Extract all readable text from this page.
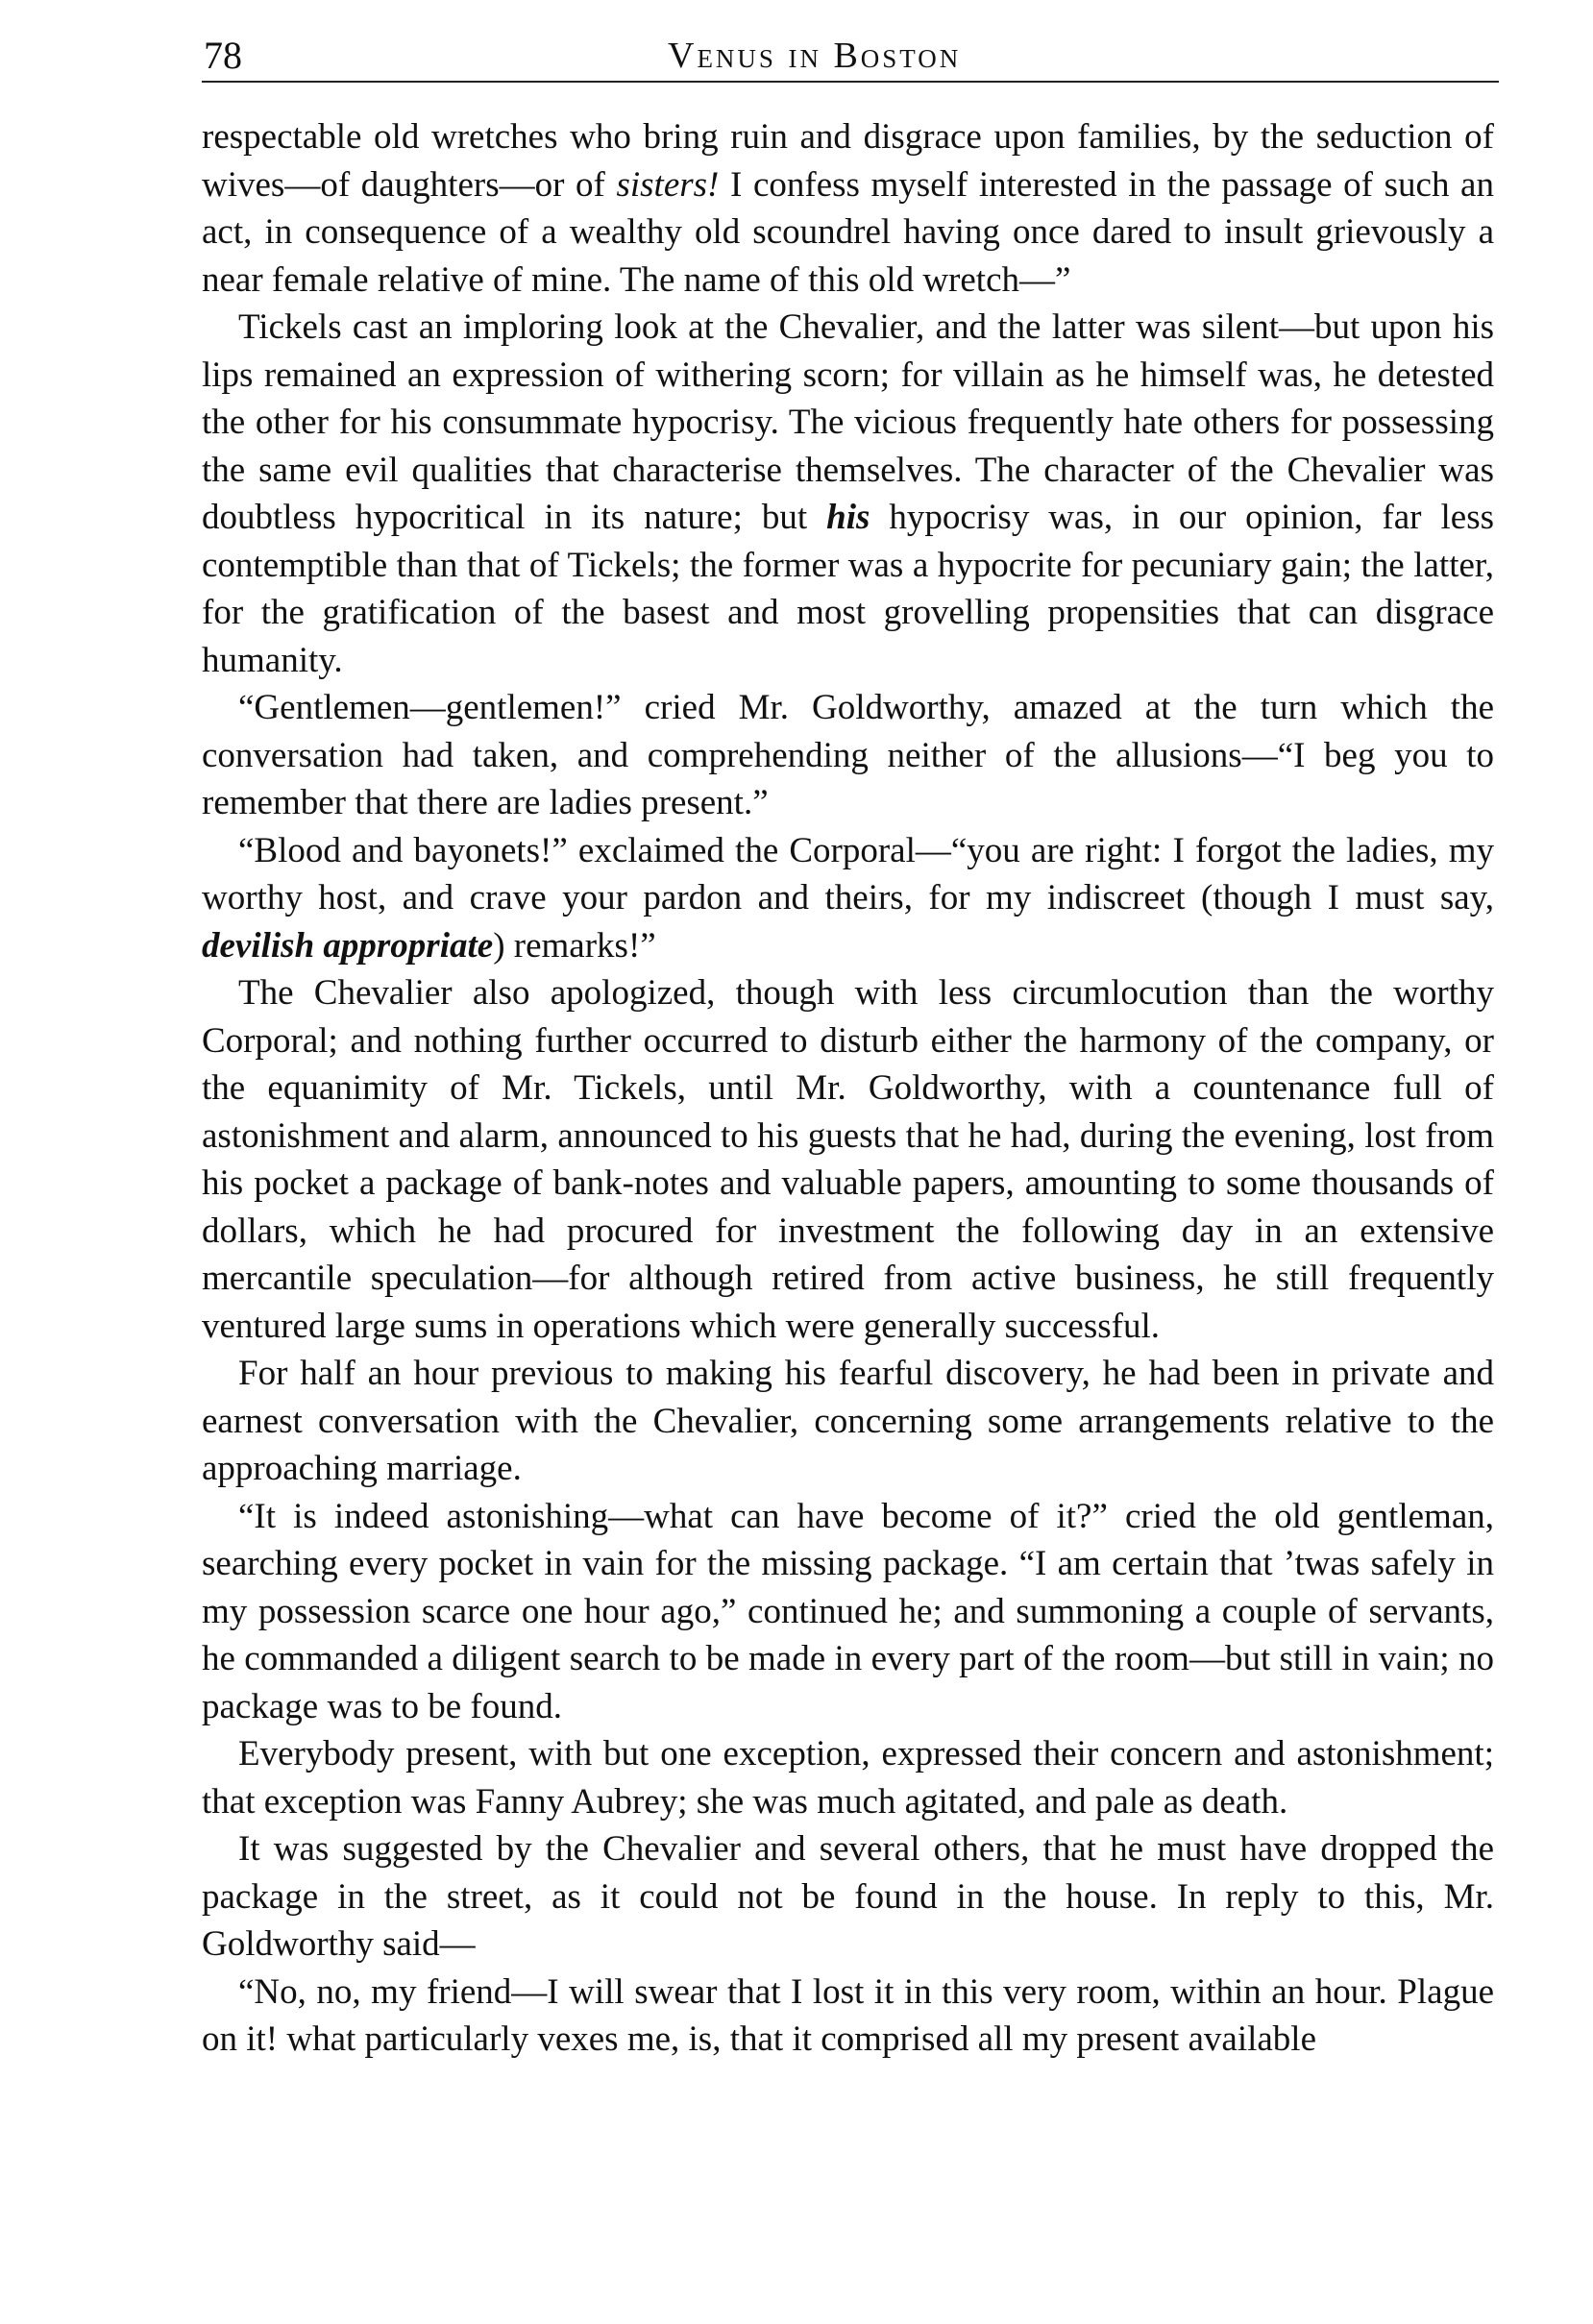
78	Venus in Boston

respectable old wretches who bring ruin and disgrace upon families, by the seduction of wives—of daughters—or of sisters! I confess myself interested in the passage of such an act, in consequence of a wealthy old scoundrel having once dared to insult grievously a near female relative of mine. The name of this old wretch—”

Tickels cast an imploring look at the Chevalier, and the latter was silent—but upon his lips remained an expression of withering scorn; for villain as he himself was, he detested the other for his consummate hypocrisy. The vicious frequently hate others for possessing the same evil qualities that characterise themselves. The character of the Chevalier was doubtless hypocritical in its nature; but his hypocrisy was, in our opinion, far less contemptible than that of Tickels; the former was a hypocrite for pecuniary gain; the latter, for the gratification of the basest and most grovelling propensities that can disgrace humanity.

“Gentlemen—gentlemen!” cried Mr. Goldworthy, amazed at the turn which the conversation had taken, and comprehending neither of the allusions—“I beg you to remember that there are ladies present.”

“Blood and bayonets!” exclaimed the Corporal—“you are right: I forgot the ladies, my worthy host, and crave your pardon and theirs, for my indiscreet (though I must say, devilish appropriate) remarks!”

The Chevalier also apologized, though with less circumlocution than the worthy Corporal; and nothing further occurred to disturb either the harmony of the company, or the equanimity of Mr. Tickels, until Mr. Goldworthy, with a countenance full of astonishment and alarm, announced to his guests that he had, during the evening, lost from his pocket a package of bank-notes and valuable papers, amounting to some thousands of dollars, which he had procured for investment the following day in an extensive mercantile speculation—for although retired from active business, he still frequently ventured large sums in operations which were generally successful.

For half an hour previous to making his fearful discovery, he had been in private and earnest conversation with the Chevalier, concerning some arrangements relative to the approaching marriage.

“It is indeed astonishing—what can have become of it?” cried the old gentleman, searching every pocket in vain for the missing package. “I am certain that ’twas safely in my possession scarce one hour ago,” continued he; and summoning a couple of servants, he commanded a diligent search to be made in every part of the room—but still in vain; no package was to be found.

Everybody present, with but one exception, expressed their concern and astonishment; that exception was Fanny Aubrey; she was much agitated, and pale as death.

It was suggested by the Chevalier and several others, that he must have dropped the package in the street, as it could not be found in the house. In reply to this, Mr. Goldworthy said—

“No, no, my friend—I will swear that I lost it in this very room, within an hour. Plague on it! what particularly vexes me, is, that it comprised all my present available
